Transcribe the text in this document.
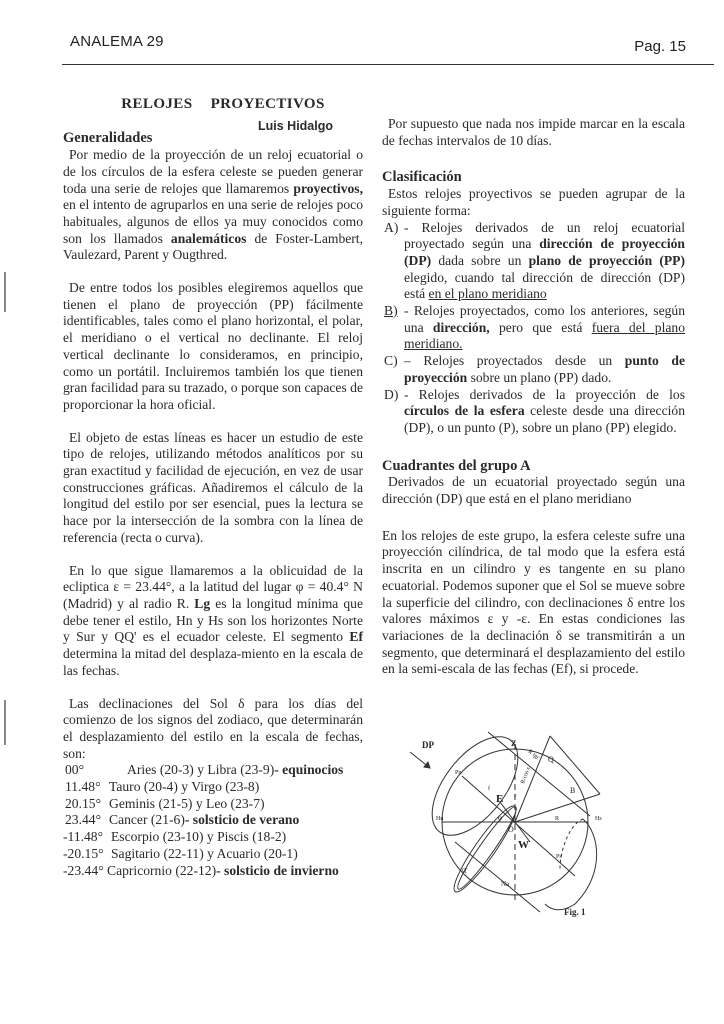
ANALEMA 29	Pag. 15
RELOJES PROYECTIVOS
Luis Hidalgo
Generalidades

Por medio de la proyección de un reloj ecuatorial o de los círculos de la esfera celeste se pueden generar toda una serie de relojes que llamaremos proyectivos, en el intento de agruparlos en una serie de relojes poco habituales, algunos de ellos ya muy conocidos como son los llamados analemáticos de Foster-Lambert, Vaulezard, Parent y Ougthred.

De entre todos los posibles elegiremos aquellos que tienen el plano de proyección (PP) fácilmente identificables, tales como el plano horizontal, el polar, el meridiano o el vertical no declinante. El reloj vertical declinante lo consideramos, en principio, como un portátil. Incluiremos también los que tienen gran facilidad para su trazado, o porque son capaces de proporcionar la hora oficial.

El objeto de estas líneas es hacer un estudio de este tipo de relojes, utilizando métodos analíticos por su gran exactitud y facilidad de ejecución, en vez de usar construcciones gráficas. Añadiremos el cálculo de la longitud del estilo por ser esencial, pues la lectura se hace por la intersección de la sombra con la línea de referencia (recta o curva).

En lo que sigue llamaremos a la oblicuidad de la ecliptica ε = 23.44°, a la latitud del lugar φ = 40.4° N (Madrid) y al radio R. Lg es la longitud mínima que debe tener el estilo, Hn y Hs son los horizontes Norte y Sur y QQ' es el ecuador celeste. El segmento Ef determina la mitad del desplaza-miento en la escala de las fechas.

Las declinaciones del Sol δ para los días del comienzo de los signos del zodiaco, que determinarán el desplazamiento del estilo en la escala de fechas, son:

00°	Aries (20-3) y Libra (23-9)- equinocios
11.48° Tauro (20-4) y Virgo (23-8)
20.15° Geminis (21-5) y Leo (23-7)
23.44° Cancer (21-6)- solsticio de verano
-11.48° Escorpio (23-10) y Piscis (18-2)
-20.15° Sagitario (22-11) y Acuario (20-1)
-23.44° Capricornio (22-12)- solsticio de invierno

Por supuesto que nada nos impide marcar en la escala de fechas intervalos de 10 días.

Clasificación

Estos relojes proyectivos se pueden agrupar de la siguiente forma:

A) - Relojes derivados de un reloj ecuatorial proyectado según una dirección de proyección (DP) dada sobre un plano de proyección (PP) elegido, cuando tal dirección de dirección (DP) está en el plano meridiano
B) - Relojes proyectados, como los anteriores, según una dirección, pero que está fuera del plano meridiano.
C) – Relojes proyectados desde un punto de proyección sobre un plano (PP) dado.
D) - Relojes derivados de la proyección de los círculos de la esfera celeste desde una dirección (DP), o un punto (P), sobre un plano (PP) elegido.
Cuadrantes del grupo A

Derivados de un ecuatorial proyectado según una dirección (DP) que está en el plano meridiano

En los relojes de este grupo, la esfera celeste sufre una proyección cilíndrica, de tal modo que la esfera está inscrita en un cilindro y es tangente en su plano ecuatorial. Podemos suponer que el Sol se mueve sobre la superficie del cilindro, con declinaciones δ entre los valores máximos ε y -ε. En estas condiciones las variaciones de la declinación δ se transmitirán a un segmento, que determinará el desplazamiento del estilo en la semi-escala de las fechas (Ef), si procede.

DP	Z
R tgε
R/cos ε
Q
B
Pn
E
Hn	φ
O
R	Hs
W
Ps
Q'
Na
ε
f
Fig. 1
